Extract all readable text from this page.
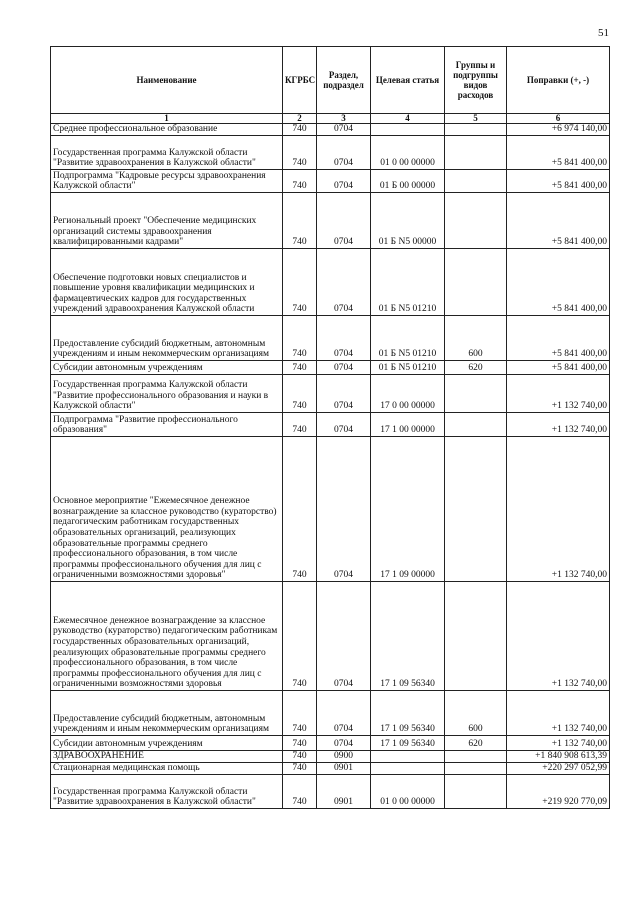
51
Наименование	КГРБС	Раздел, подраздел	Целевая статья	Группы и подгруппы видов расходов	Поправки (+, -)
1	2	3	4	5	6
Среднее профессиональное образование	740	0704			+6 974 140,00
Государственная программа Калужской области "Развитие здравоохранения в Калужской области"	740	0704	01 0 00 00000		+5 841 400,00
Подпрограмма "Кадровые ресурсы здравоохранения Калужской области"	740	0704	01 Б 00 00000		+5 841 400,00
Региональный проект "Обеспечение медицинских организаций системы здравоохранения квалифицированными кадрами"	740	0704	01 Б N5 00000		+5 841 400,00
Обеспечение подготовки новых специалистов и повышение уровня квалификации медицинских и фармацевтических кадров для государственных учреждений здравоохранения Калужской области	740	0704	01 Б N5 01210		+5 841 400,00
Предоставление субсидий бюджетным, автономным учреждениям и иным некоммерческим организациям	740	0704	01 Б N5 01210	600	+5 841 400,00
Субсидии автономным учреждениям	740	0704	01 Б N5 01210	620	+5 841 400,00
Государственная программа Калужской области "Развитие профессионального образования и науки в Калужской области"	740	0704	17 0 00 00000		+1 132 740,00
Подпрограмма "Развитие профессионального образования"	740	0704	17 1 00 00000		+1 132 740,00
Основное мероприятие "Ежемесячное денежное вознаграждение за классное руководство (кураторство) педагогическим работникам государственных образовательных организаций, реализующих образовательные программы среднего профессионального образования, в том числе программы профессионального обучения для лиц с ограниченными возможностями здоровья"	740	0704	17 1 09 00000		+1 132 740,00
Ежемесячное денежное вознаграждение за классное руководство (кураторство) педагогическим работникам государственных образовательных организаций, реализующих образовательные программы среднего профессионального образования, в том числе программы профессионального обучения для лиц с ограниченными возможностями здоровья	740	0704	17 1 09 56340		+1 132 740,00
Предоставление субсидий бюджетным, автономным учреждениям и иным некоммерческим организациям	740	0704	17 1 09 56340	600	+1 132 740,00
Субсидии автономным учреждениям	740	0704	17 1 09 56340	620	+1 132 740,00
ЗДРАВООХРАНЕНИЕ	740	0900			+1 840 908 613,39
Стационарная медицинская помощь	740	0901			+220 297 052,99
Государственная программа Калужской области "Развитие здравоохранения в Калужской области"	740	0901	01 0 00 00000		+219 920 770,09
